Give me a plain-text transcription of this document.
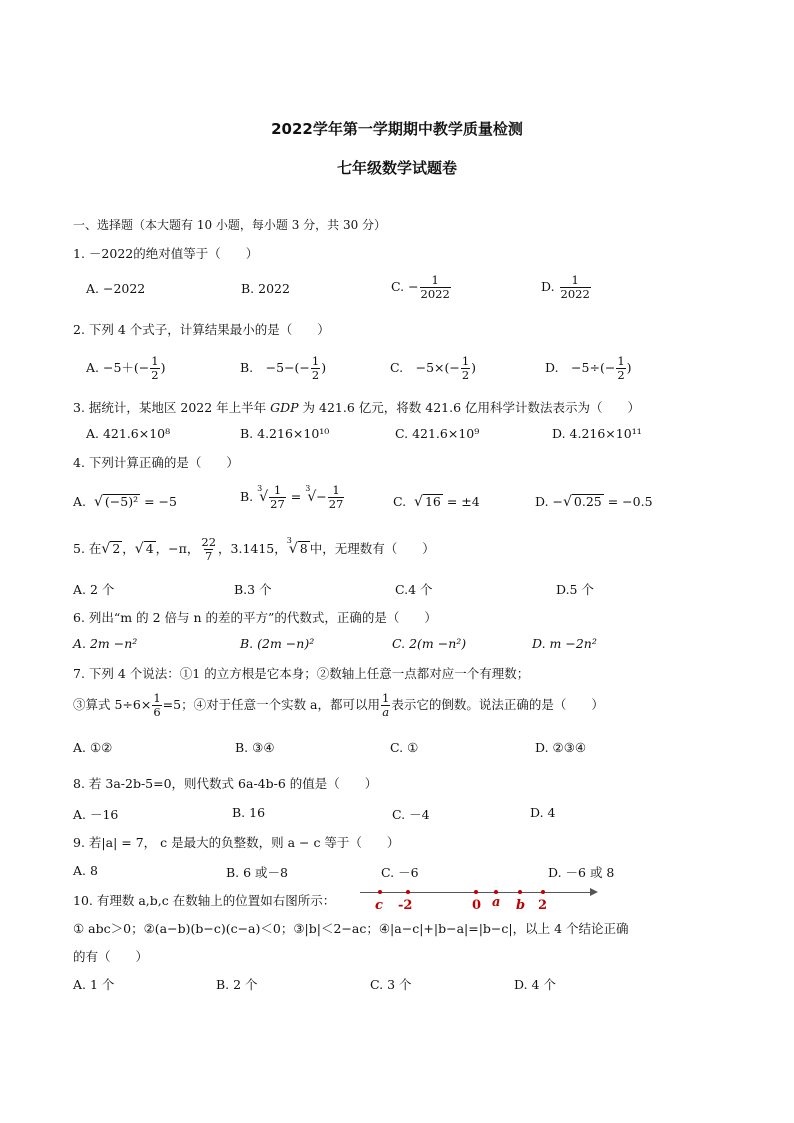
2022学年第一学期期中教学质量检测
七年级数学试题卷
一、选择题（本大题有 10 小题，每小题 3 分，共 30 分）
1. －2022的绝对值等于（　　）
A. −2022	B. 2022	C. − $\frac{1}{2022}$	D. $\frac{1}{2022}$
2. 下列 4 个式子，计算结果最小的是（　　）
A. $-5+(- \frac{1}{2}$ )	B.　$-5-(- \frac{1}{2}$ )	C.　$-5\times(- \frac{1}{2}$ )	D.　$-5\div(- \frac{1}{2}$ )
3. 据统计，某地区 2022 年上半年 GDP 为 421.6 亿元，将数 421.6 亿用科学计数法表示为（　　）
A. 421.6×10⁸	B. 4.216×10¹⁰	C. 421.6×10⁹	D. 4.216×10¹¹
4. 下列计算正确的是（　　）
A. √ (−5)² = −5	B. $^3√ \frac{1}{27} = ^3√- \frac{1}{27}$	C. √ 16 = ±4	D. −√ 0.25 = −0.5
5. 在√ 2 ，√ 4 ，−π， $\frac{22}{7}$ ，3.1415，$^3$√ 8 中，无理数有（　　）
A. 2 个	B.3 个	C.4 个	D.5 个
6. 列出“m 的 2 倍与 n 的差的平方”的代数式，正确的是（　　）
A. 2m −n²	B. (2m −n)²	C. 2(m −n²)	D. m −2n²
7. 下列 4 个说法：①1 的立方根是它本身；②数轴上任意一点都对应一个有理数；
③算式 $5\div 6\times \frac{1}{6} =5$；④对于任意一个实数 a，都可以用 $\frac{1}{a}$ 表示它的倒数。说法正确的是（　　）
A. ①②	B. ③④	C. ①	D. ②③④
8. 若 3a-2b-5=0，则代数式 6a-4b-6 的值是（　　）
A. －16	B. 16	C. －4	D. 4
9. 若|a| = 7， c 是最大的负整数，则 a − c 等于（　　）
A. 8	B. 6 或－8	C. －6	D. －6 或 8
10. 有理数 a,b,c 在数轴上的位置如右图所示：	c -2	0 a b 2
① abc＞0；②(a−b)(b−c)(c−a)＜0；③|b|＜2−ac；④|a−c|+|b−a|=|b−c|，以上 4 个结论正确
的有（　　）
A. 1 个	B. 2 个	C. 3 个	D. 4 个
